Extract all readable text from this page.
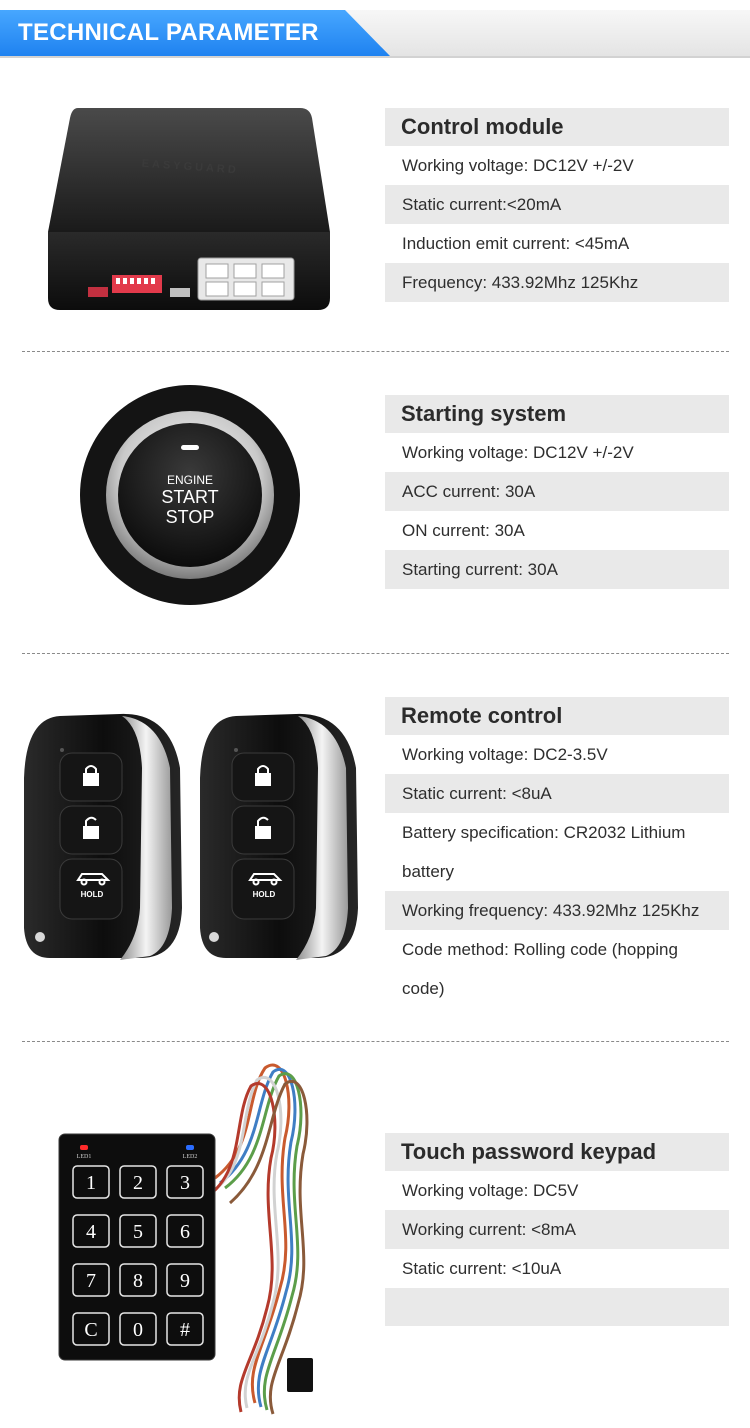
TECHNICAL PARAMETER
EASYGUARD
Control module
Working voltage: DC12V +/-2V
Static current:<20mA
Induction emit current: <45mA
Frequency: 433.92Mhz 125Khz
ENGINE
START
STOP
Starting system
Working voltage: DC12V +/-2V
ACC current: 30A
ON current: 30A
Starting current: 30A
HOLD	HOLD
Remote control
Working voltage: DC2-3.5V
Static current: <8uA
Battery specification: CR2032 Lithium
battery
Working frequency: 433.92Mhz 125Khz
Code method: Rolling code (hopping
code)
LED1	LED2
1 2 3
4 5 6
7 8 9
C 0 #
Touch password keypad
Working voltage: DC5V
Working current: <8mA
Static current: <10uA
